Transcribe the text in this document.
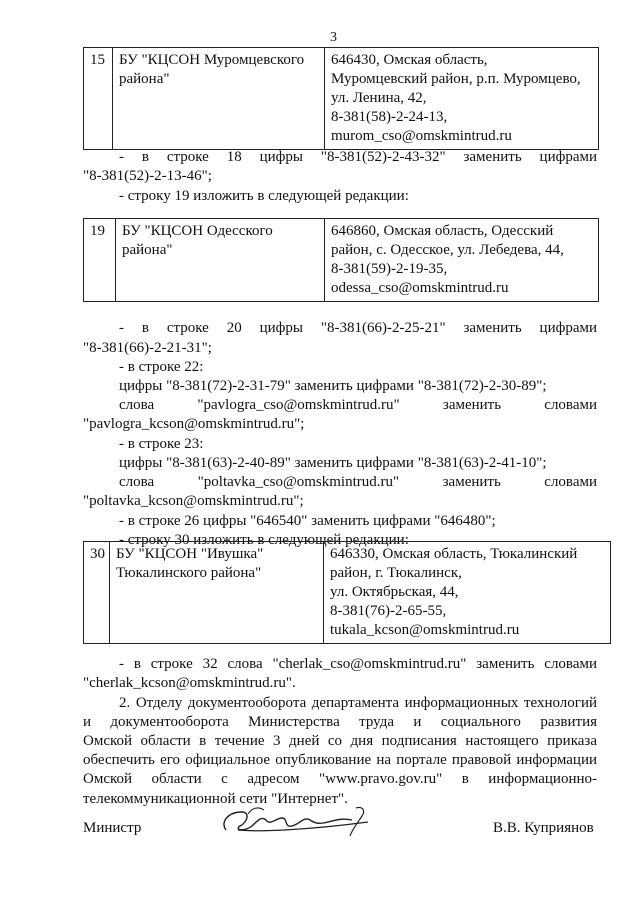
3
15	БУ "КЦСОН Муромцевского
района"

646430, Омская область,
Муромцевский район, р.п. Муромцево,
ул. Ленина, 42,
8-381(58)-2-24-13,
murom_cso@omskmintrud.ru
- в строке 18 цифры "8-381(52)-2-43-32" заменить цифрами
"8-381(52)-2-13-46";
- строку 19 изложить в следующей редакции:
19	БУ "КЦСОН Одесского
района"

646860, Омская область, Одесский
район, с. Одесское, ул. Лебедева, 44,
8-381(59)-2-19-35,
odessa_cso@omskmintrud.ru
- в строке 20 цифры "8-381(66)-2-25-21" заменить цифрами
"8-381(66)-2-21-31";
- в строке 22:
цифры "8-381(72)-2-31-79" заменить цифрами "8-381(72)-2-30-89";
слова "pavlogra_cso@omskmintrud.ru" заменить словами
"pavlogra_kcson@omskmintrud.ru";
- в строке 23:
цифры "8-381(63)-2-40-89" заменить цифрами "8-381(63)-2-41-10";
слова "poltavka_cso@omskmintrud.ru" заменить словами
"poltavka_kcson@omskmintrud.ru";
- в строке 26 цифры "646540" заменить цифрами "646480";
- строку 30 изложить в следующей редакции:
30	БУ "КЦСОН "Ивушка"
Тюкалинского района"

646330, Омская область, Тюкалинский
район, г. Тюкалинск,
ул. Октябрьская, 44,
8-381(76)-2-65-55,
tukala_kcson@omskmintrud.ru
- в строке 32 слова "cherlak_cso@omskmintrud.ru" заменить словами
"cherlak_kcson@omskmintrud.ru".
2. Отделу документооборота департамента информационных технологий
и документооборота Министерства труда и социального развития
Омской области в течение 3 дней со дня подписания настоящего приказа
обеспечить его официальное опубликование на портале правовой информации
Омской области с адресом "www.pravo.gov.ru" в информационно-
телекоммуникационной сети "Интернет".
Министр	В.В. Куприянов
